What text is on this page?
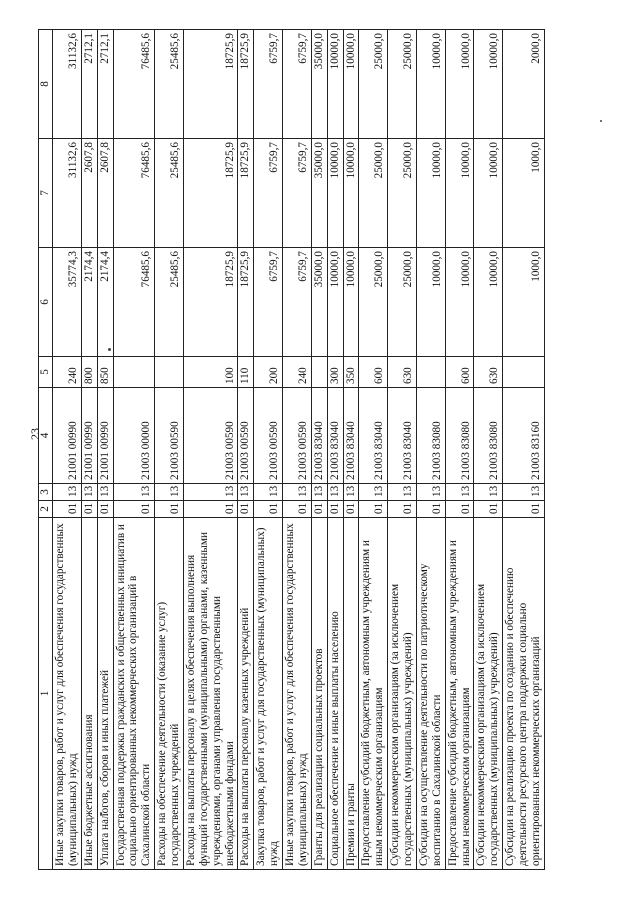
23
1	2	3	4	5	6	7	8
Иные закупки товаров, работ и услуг для обеспечения государственных (муниципальных) нужд	01	13	21001 00990	240	35774,3	31132,6	31132,6
Иные бюджетные ассигнования	01	13	21001 00990	800	2174,4	2607,8	2712,1
Уплата налогов, сборов и иных платежей	01	13	21001 00990	850	2174,4	2607,8	2712,1
Государственная поддержка гражданских и общественных инициатив и социально ориентированных некоммерческих организаций в Сахалинской области	01	13	21003 00000		76485,6	76485,6	76485,6
Расходы на обеспечение деятельности (оказание услуг) государственных учреждений	01	13	21003 00590		25485,6	25485,6	25485,6
Расходы на выплаты персоналу в целях обеспечения выполнения функций государственными (муниципальными) органами, казенными учреждениями, органами управления государственными внебюджетными фондами	01	13	21003 00590	100	18725,9	18725,9	18725,9
Расходы на выплаты персоналу казенных учреждений	01	13	21003 00590	110	18725,9	18725,9	18725,9
Закупка товаров, работ и услуг для государственных (муниципальных) нужд	01	13	21003 00590	200	6759,7	6759,7	6759,7
Иные закупки товаров, работ и услуг для обеспечения государственных (муниципальных) нужд	01	13	21003 00590	240	6759,7	6759,7	6759,7
Гранты для реализации социальных проектов	01	13	21003 83040		35000,0	35000,0	35000,0
Социальное обеспечение и иные выплаты населению	01	13	21003 83040	300	10000,0	10000,0	10000,0
Премии и гранты	01	13	21003 83040	350	10000,0	10000,0	10000,0
Предоставление субсидий бюджетным, автономным учреждениям и иным некоммерческим организациям	01	13	21003 83040	600	25000,0	25000,0	25000,0
Субсидии некоммерческим организациям (за исключением государственных (муниципальных) учреждений)	01	13	21003 83040	630	25000,0	25000,0	25000,0
Субсидии на осуществление деятельности по патриотическому воспитанию в Сахалинской области	01	13	21003 83080		10000,0	10000,0	10000,0
Предоставление субсидий бюджетным, автономным учреждениям и иным некоммерческим организациям	01	13	21003 83080	600	10000,0	10000,0	10000,0
Субсидии некоммерческим организациям (за исключением государственных (муниципальных) учреждений)	01	13	21003 83080	630	10000,0	10000,0	10000,0
Субсидии на реализацию проекта по созданию и обеспечению деятельности ресурсного центра поддержки социально ориентированных некоммерческих организаций	01	13	21003 83160		1000,0	1000,0	2000,0
